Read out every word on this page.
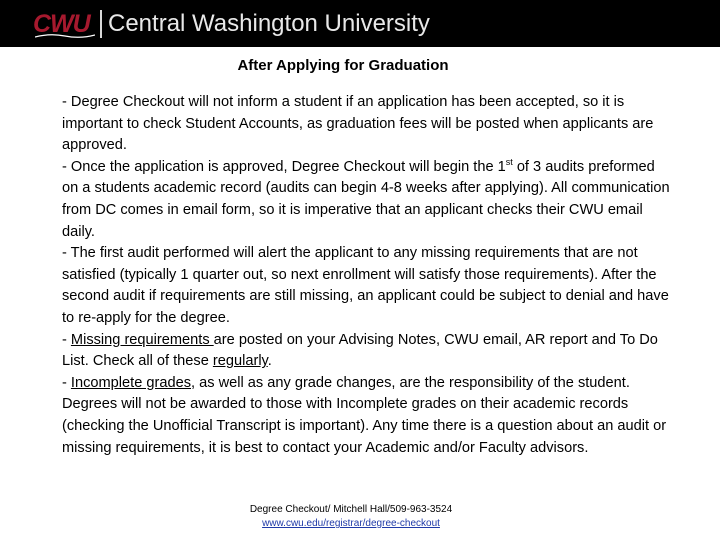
CWU Central Washington University
After Applying for Graduation

- Degree Checkout will not inform a student if an application has been accepted, so it is important to check Student Accounts, as graduation fees will be posted when applicants are approved.

- Once the application is approved, Degree Checkout will begin the 1st of 3 audits preformed on a students academic record (audits can begin 4-8 weeks after applying). All communication from DC comes in email form, so it is imperative that an applicant checks their CWU email daily.

- The first audit performed will alert the applicant to any missing requirements that are not satisfied (typically 1 quarter out, so next enrollment will satisfy those requirements). After the second audit if requirements are still missing, an applicant could be subject to denial and have to re-apply for the degree.

- Missing requirements are posted on your Advising Notes, CWU email, AR report and To Do List. Check all of these regularly.

- Incomplete grades, as well as any grade changes, are the responsibility of the student. Degrees will not be awarded to those with Incomplete grades on their academic records (checking the Unofficial Transcript is important). Any time there is a question about an audit or missing requirements, it is best to contact your Academic and/or Faculty advisors.

Degree Checkout/ Mitchell Hall/509-963-3524
www.cwu.edu/registrar/degree-checkout
